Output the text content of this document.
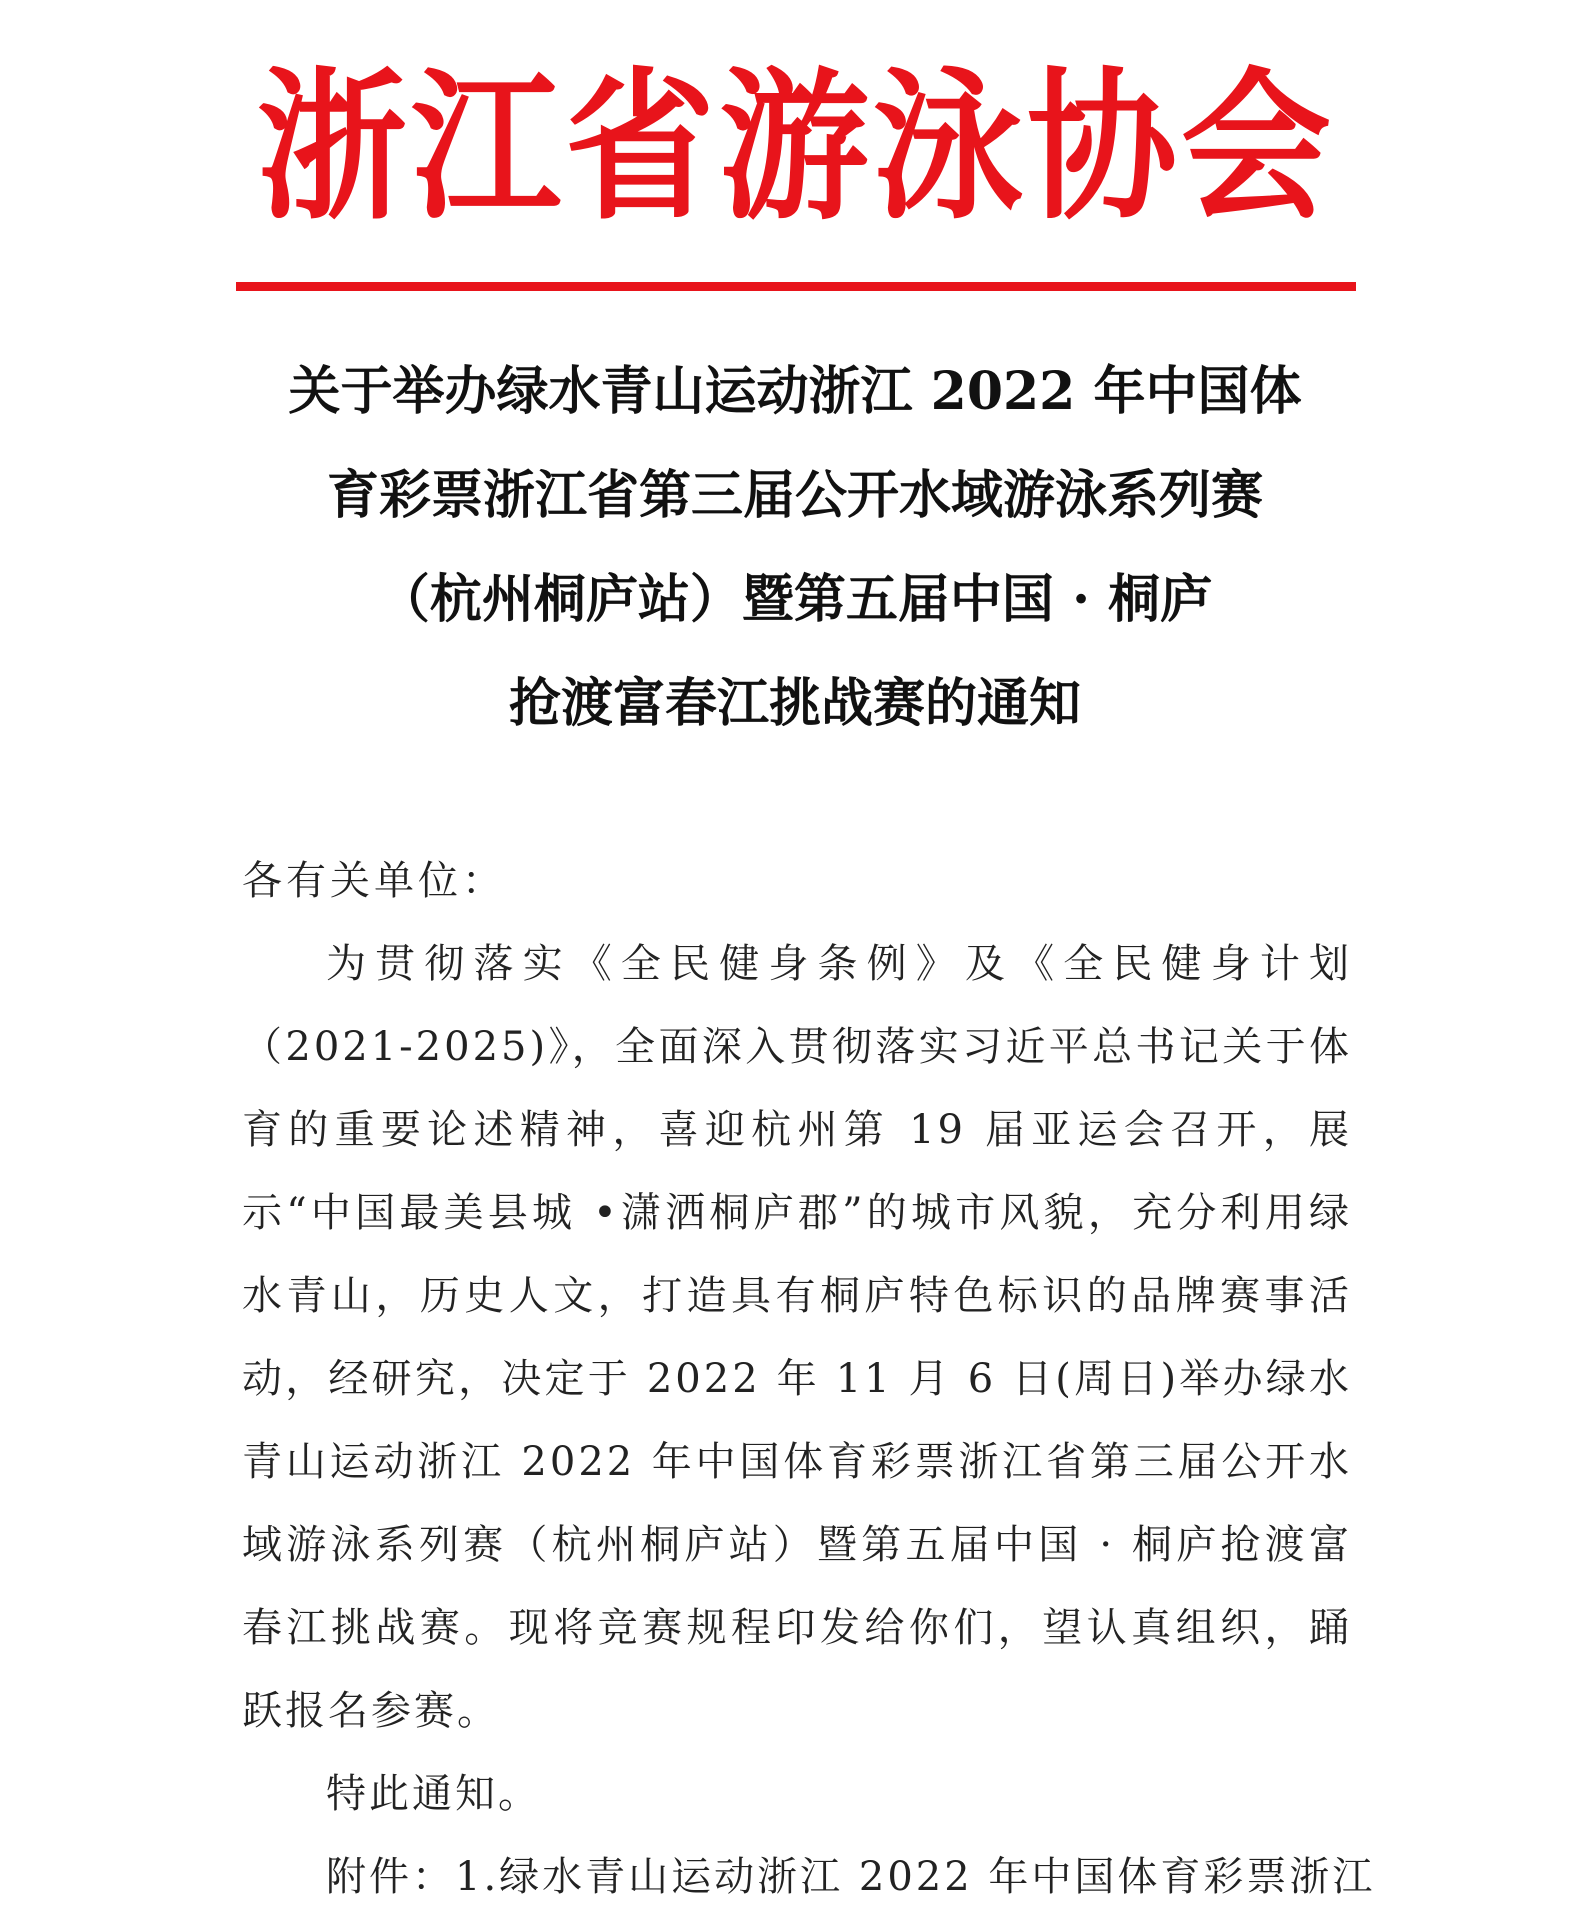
浙江省游泳协会
关于举办绿水青山运动浙江 2022 年中国体
育彩票浙江省第三届公开水域游泳系列赛
（杭州桐庐站）暨第五届中国 · 桐庐
抢渡富春江挑战赛的通知

各有关单位：

为贯彻落实《全民健身条例》及《全民健身计划（2021-2025)》，全面深入贯彻落实习近平总书记关于体育的重要论述精神，喜迎杭州第 19 届亚运会召开，展示“中国最美县城 •潇洒桐庐郡”的城市风貌，充分利用绿水青山，历史人文，打造具有桐庐特色标识的品牌赛事活动，经研究，决定于 2022 年 11 月 6 日(周日)举办绿水青山运动浙江 2022 年中国体育彩票浙江省第三届公开水域游泳系列赛（杭州桐庐站）暨第五届中国 · 桐庐抢渡富春江挑战赛。现将竞赛规程印发给你们，望认真组织，踊跃报名参赛。

特此通知。

附件：1.绿水青山运动浙江 2022 年中国体育彩票浙江
